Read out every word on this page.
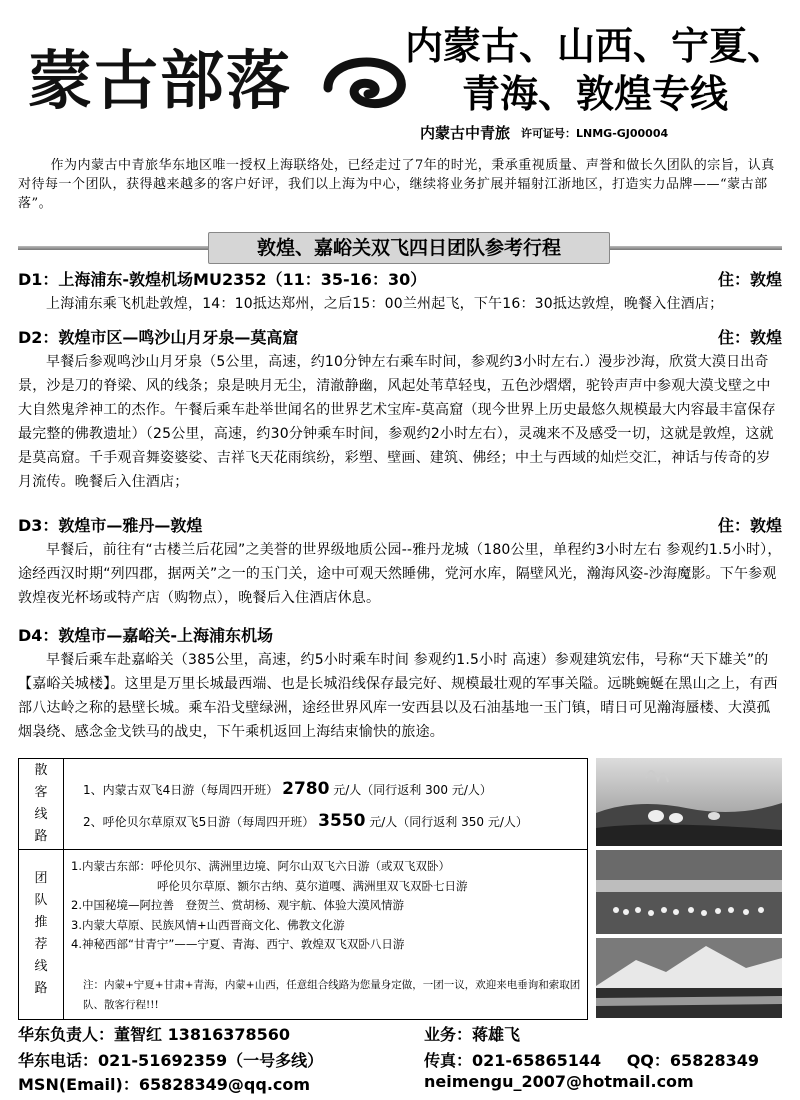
蒙古部落	内蒙古、山西、宁夏、
青海、敦煌专线
内蒙古中青旅 许可证号：LNMG-GJ00004
作为内蒙古中青旅华东地区唯一授权上海联络处，已经走过了7年的时光，秉承重视质量、声誉和做长久团队的宗旨，认真对待每一个团队，获得越来越多的客户好评，我们以上海为中心，继续将业务扩展并辐射江浙地区，打造实力品牌——“蒙古部落”。
敦煌、嘉峪关双飞四日团队参考行程
D1：上海浦东-敦煌机场MU2352（11：35-16：30）	住：敦煌
上海浦东乘飞机赴敦煌，14：10抵达郑州，之后15：00兰州起飞，下午16：30抵达敦煌，晚餐入住酒店；
D2：敦煌市区—鸣沙山月牙泉—莫高窟	住：敦煌
早餐后参观鸣沙山月牙泉（5公里，高速，约10分钟左右乘车时间，参观约3小时左右.）漫步沙海，欣赏大漠日出奇景，沙是刀的脊梁、风的线条；泉是映月无尘，清澈静幽，风起处苇草轻曳，五色沙熠熠，驼铃声声中参观大漠戈壁之中大自然鬼斧神工的杰作。午餐后乘车赴举世闻名的世界艺术宝库-莫高窟（现今世界上历史最悠久规模最大内容最丰富保存最完整的佛教遗址）（25公里，高速，约30分钟乘车时间，参观约2小时左右），灵魂来不及感受一切，这就是敦煌，这就是莫高窟。千手观音舞姿婆娑、吉祥飞天花雨缤纷，彩塑、壁画、建筑、佛经；中土与西域的灿烂交汇，神话与传奇的岁月流传。晚餐后入住酒店；
D3：敦煌市—雅丹—敦煌	住：敦煌
早餐后，前往有“古楼兰后花园”之美誉的世界级地质公园--雅丹龙城（180公里，单程约3小时左右 参观约1.5小时），途经西汉时期“列四郡，据两关”之一的玉门关，途中可观天然睡佛，党河水库，隔壁风光，瀚海风姿-沙海魔影。下午参观敦煌夜光杯场或特产店（购物点），晚餐后入住酒店休息。
D4：敦煌市—嘉峪关-上海浦东机场
早餐后乘车赴嘉峪关（385公里，高速，约5小时乘车时间 参观约1.5小时 高速）参观建筑宏伟，号称“天下雄关”的【嘉峪关城楼】。这里是万里长城最西端、也是长城沿线保存最完好、规模最壮观的军事关隘。远眺蜿蜒在黑山之上，有西部八达岭之称的悬壁长城。乘车沿戈壁绿洲，途经世界风库一安西县以及石油基地一玉门镇，晴日可见瀚海蜃楼、大漠孤烟袅绕、感念金戈铁马的战史，下午乘机返回上海结束愉快的旅途。
散客线路
1、内蒙古双飞4日游（每周四开班） 2780 元/人（同行返利 300 元/人）
2、呼伦贝尔草原双飞5日游（每周四开班） 3550 元/人（同行返利 350 元/人）
团队推荐线路
1.内蒙古东部：呼伦贝尔、满洲里边境、阿尔山双飞六日游（或双飞双卧）
呼伦贝尔草原、额尔古纳、莫尔道嘎、满洲里双飞双卧七日游
2.中国秘境—阿拉善　登贺兰、赏胡杨、观宇航、体验大漠风情游
3.内蒙大草原、民族风情+山西晋商文化、佛教文化游
4.神秘西部“甘青宁”——宁夏、青海、西宁、敦煌双飞双卧八日游
注：内蒙+宁夏+甘肃+青海，内蒙+山西，任意组合线路为您量身定做，一团一议，欢迎来电垂询和索取团队、散客行程!!!
华东负责人：董智红 13816378560	业务：蒋雄飞
华东电话：021-51692359（一号多线）	传真：021-65865144 QQ：65828349
MSN(Email)：65828349@qq.com	neimengu_2007@hotmail.com
